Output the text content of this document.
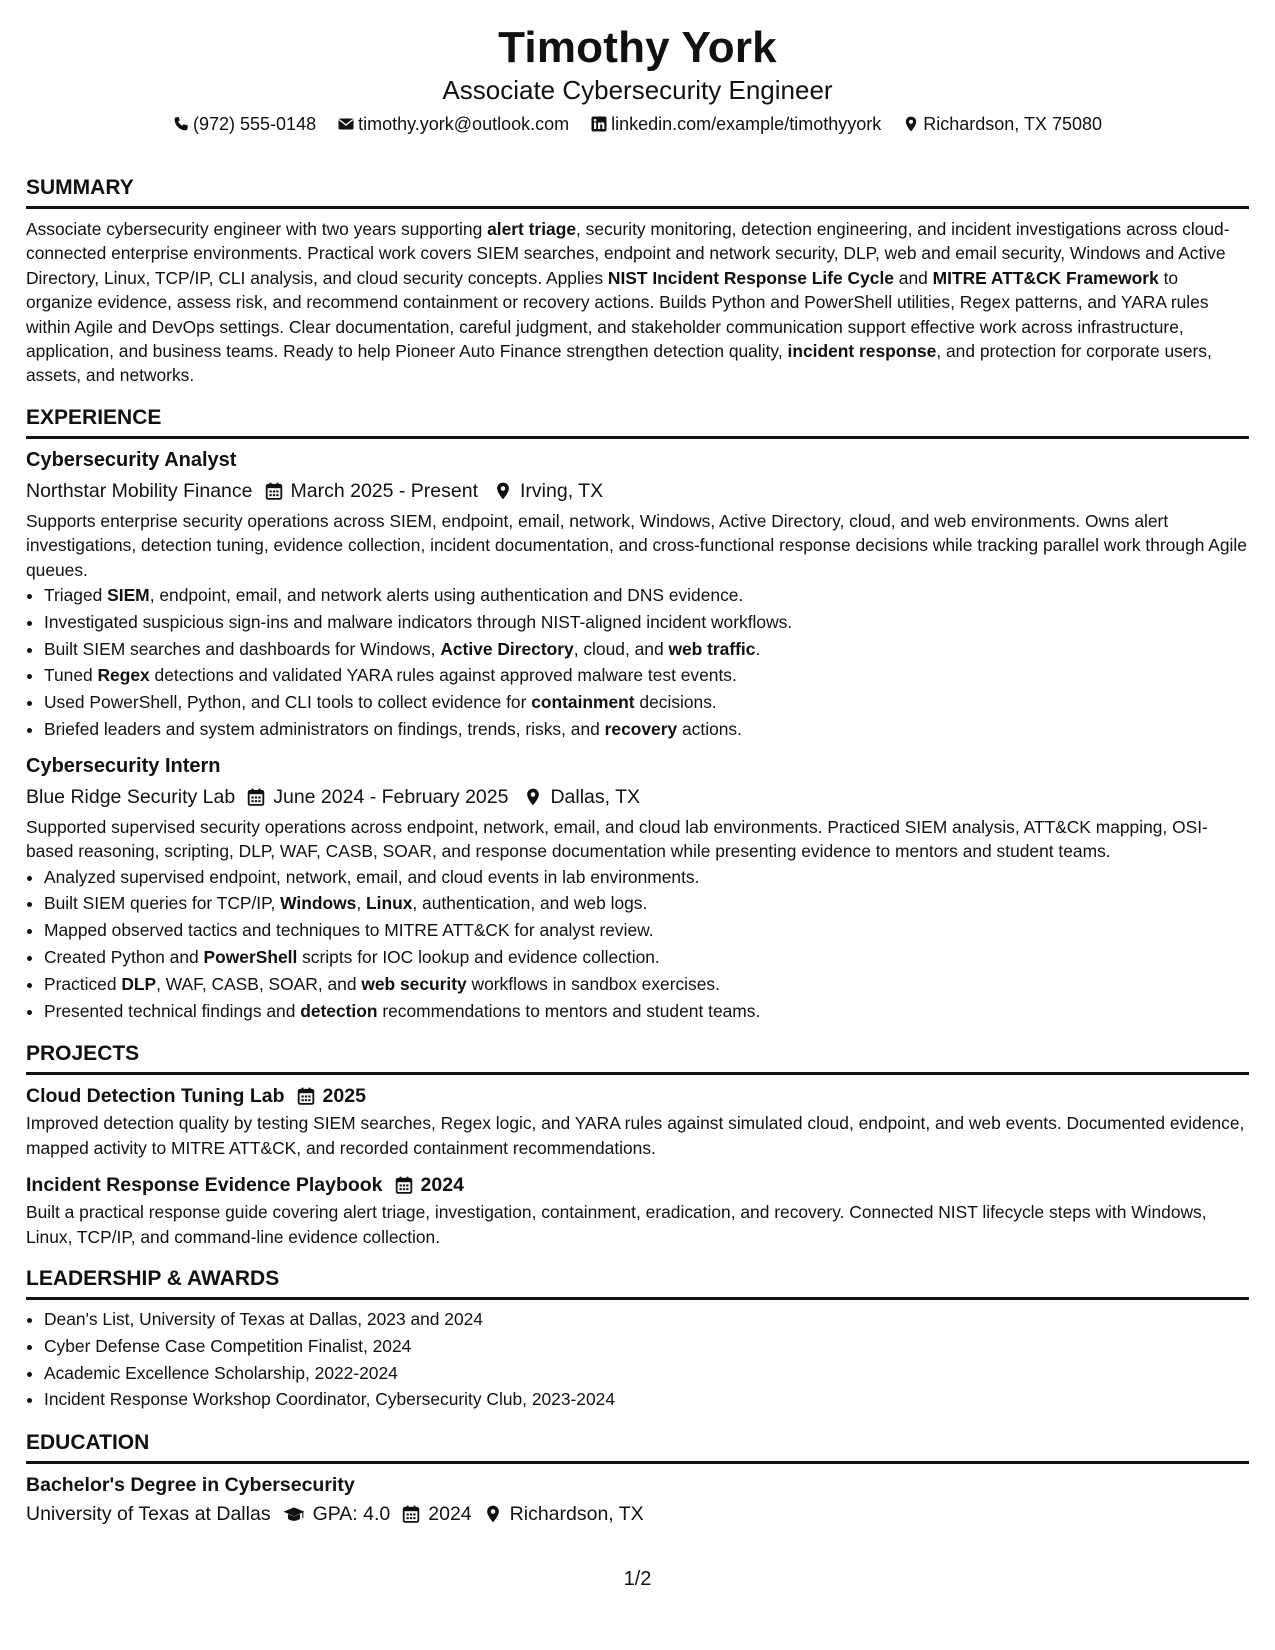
Timothy York
Associate Cybersecurity Engineer
(972) 555-0148 timothy.york@outlook.com linkedin.com/example/timothyyork Richardson, TX 75080
SUMMARY

Associate cybersecurity engineer with two years supporting alert triage, security monitoring, detection engineering, and incident investigations across cloud-connected enterprise environments. Practical work covers SIEM searches, endpoint and network security, DLP, web and email security, Windows and Active Directory, Linux, TCP/IP, CLI analysis, and cloud security concepts. Applies NIST Incident Response Life Cycle and MITRE ATT&CK Framework to organize evidence, assess risk, and recommend containment or recovery actions. Builds Python and PowerShell utilities, Regex patterns, and YARA rules within Agile and DevOps settings. Clear documentation, careful judgment, and stakeholder communication support effective work across infrastructure, application, and business teams. Ready to help Pioneer Auto Finance strengthen detection quality, incident response, and protection for corporate users, assets, and networks.

EXPERIENCE
Cybersecurity Analyst
Northstar Mobility Finance March 2025 - Present Irving, TX

Supports enterprise security operations across SIEM, endpoint, email, network, Windows, Active Directory, cloud, and web environments. Owns alert investigations, detection tuning, evidence collection, incident documentation, and cross-functional response decisions while tracking parallel work through Agile queues.

• Triaged SIEM, endpoint, email, and network alerts using authentication and DNS evidence.
• Investigated suspicious sign-ins and malware indicators through NIST-aligned incident workflows.
• Built SIEM searches and dashboards for Windows, Active Directory, cloud, and web traffic.
• Tuned Regex detections and validated YARA rules against approved malware test events.
• Used PowerShell, Python, and CLI tools to collect evidence for containment decisions.
• Briefed leaders and system administrators on findings, trends, risks, and recovery actions.
Cybersecurity Intern
Blue Ridge Security Lab June 2024 - February 2025 Dallas, TX

Supported supervised security operations across endpoint, network, email, and cloud lab environments. Practiced SIEM analysis, ATT&CK mapping, OSI-based reasoning, scripting, DLP, WAF, CASB, SOAR, and response documentation while presenting evidence to mentors and student teams.

• Analyzed supervised endpoint, network, email, and cloud events in lab environments.
• Built SIEM queries for TCP/IP, Windows, Linux, authentication, and web logs.
• Mapped observed tactics and techniques to MITRE ATT&CK for analyst review.
• Created Python and PowerShell scripts for IOC lookup and evidence collection.
• Practiced DLP, WAF, CASB, SOAR, and web security workflows in sandbox exercises.
• Presented technical findings and detection recommendations to mentors and student teams.
PROJECTS
Cloud Detection Tuning Lab 2025

Improved detection quality by testing SIEM searches, Regex logic, and YARA rules against simulated cloud, endpoint, and web events. Documented evidence, mapped activity to MITRE ATT&CK, and recorded containment recommendations.

Incident Response Evidence Playbook 2024

Built a practical response guide covering alert triage, investigation, containment, eradication, and recovery. Connected NIST lifecycle steps with Windows, Linux, TCP/IP, and command-line evidence collection.

LEADERSHIP & AWARDS
• Dean's List, University of Texas at Dallas, 2023 and 2024
• Cyber Defense Case Competition Finalist, 2024
• Academic Excellence Scholarship, 2022-2024
• Incident Response Workshop Coordinator, Cybersecurity Club, 2023-2024
EDUCATION
Bachelor's Degree in Cybersecurity
University of Texas at Dallas GPA: 4.0 2024 Richardson, TX
1/2
